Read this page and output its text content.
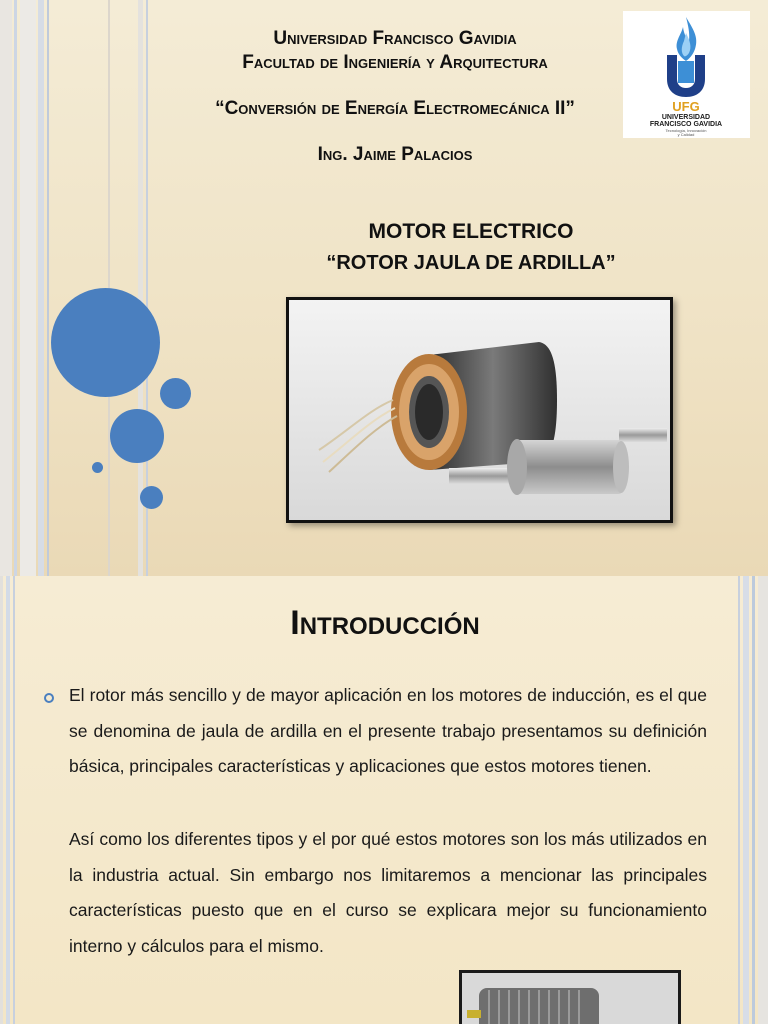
Universidad Francisco Gavidia
Facultad de Ingeniería y Arquitectura
“Conversión de Energía Electromecánica II”
Ing. Jaime Palacios
MOTOR ELECTRICO
“ROTOR JAULA DE ARDILLA”
UFG
UNIVERSIDAD
FRANCISCO GAVIDIA
Tecnología, Innovación
y Calidad
Introducción
El rotor más sencillo y de mayor aplicación en los motores de inducción, es el que se denomina de jaula de ardilla en el presente trabajo presentamos su definición básica, principales características y aplicaciones que estos motores tienen.
Así como los diferentes tipos y el por qué estos motores son los más utilizados en la industria actual. Sin embargo nos limitaremos a mencionar las principales características puesto que en el curso se explicara mejor su funcionamiento interno y cálculos para el mismo.
